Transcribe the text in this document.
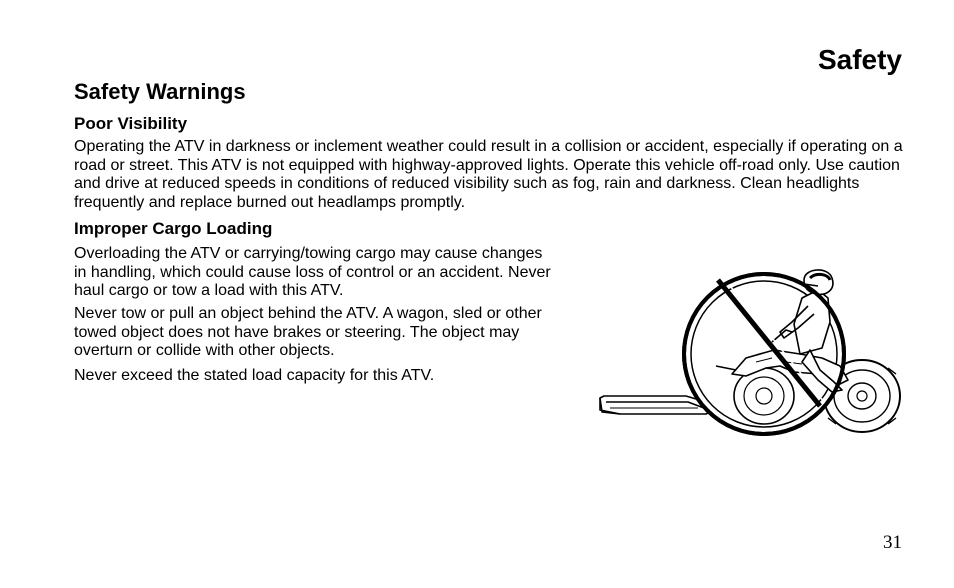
Safety
Safety Warnings
Poor Visibility

Operating the ATV in darkness or inclement weather could result in a collision or accident, especially if operating on a road or street. This ATV is not equipped with highway-approved lights. Operate this vehicle off-road only. Use caution and drive at reduced speeds in conditions of reduced visibility such as fog, rain and darkness. Clean headlights frequently and replace burned out headlamps promptly.

Improper Cargo Loading

Overloading the ATV or carrying/towing cargo may cause changes in handling, which could cause loss of control or an accident. Never haul cargo or tow a load with this ATV.

Never tow or pull an object behind the ATV. A wagon, sled or other towed object does not have brakes or steering. The object may overturn or collide with other objects.

Never exceed the stated load capacity for this ATV.

31
